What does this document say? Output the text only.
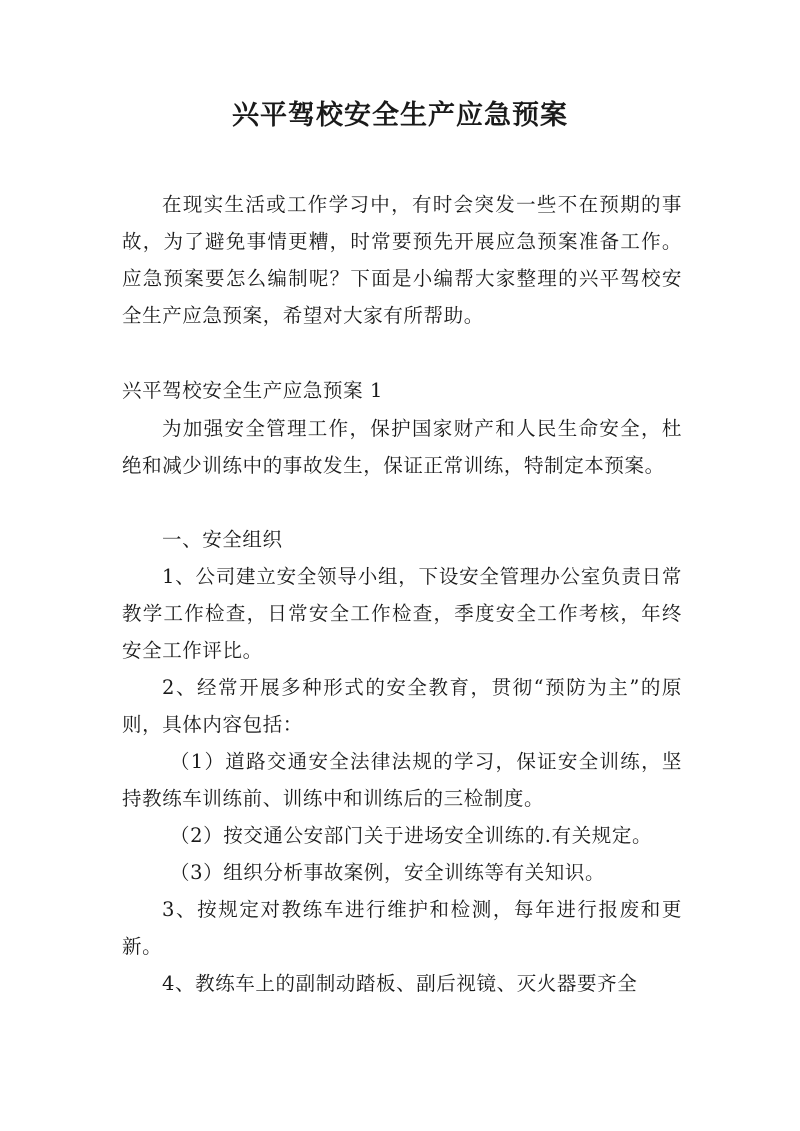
兴平驾校安全生产应急预案

在现实生活或工作学习中，有时会突发一些不在预期的事故，为了避免事情更糟，时常要预先开展应急预案准备工作。应急预案要怎么编制呢？下面是小编帮大家整理的兴平驾校安全生产应急预案，希望对大家有所帮助。

兴平驾校安全生产应急预案 1

为加强安全管理工作，保护国家财产和人民生命安全，杜绝和减少训练中的事故发生，保证正常训练，特制定本预案。

一、安全组织

1、公司建立安全领导小组，下设安全管理办公室负责日常教学工作检查，日常安全工作检查，季度安全工作考核，年终安全工作评比。

2、经常开展多种形式的安全教育，贯彻“预防为主”的原则，具体内容包括：

（1）道路交通安全法律法规的学习，保证安全训练，坚持教练车训练前、训练中和训练后的三检制度。

（2）按交通公安部门关于进场安全训练的.有关规定。

（3）组织分析事故案例，安全训练等有关知识。

3、按规定对教练车进行维护和检测，每年进行报废和更新。

4、教练车上的副制动踏板、副后视镜、灭火器要齐全
